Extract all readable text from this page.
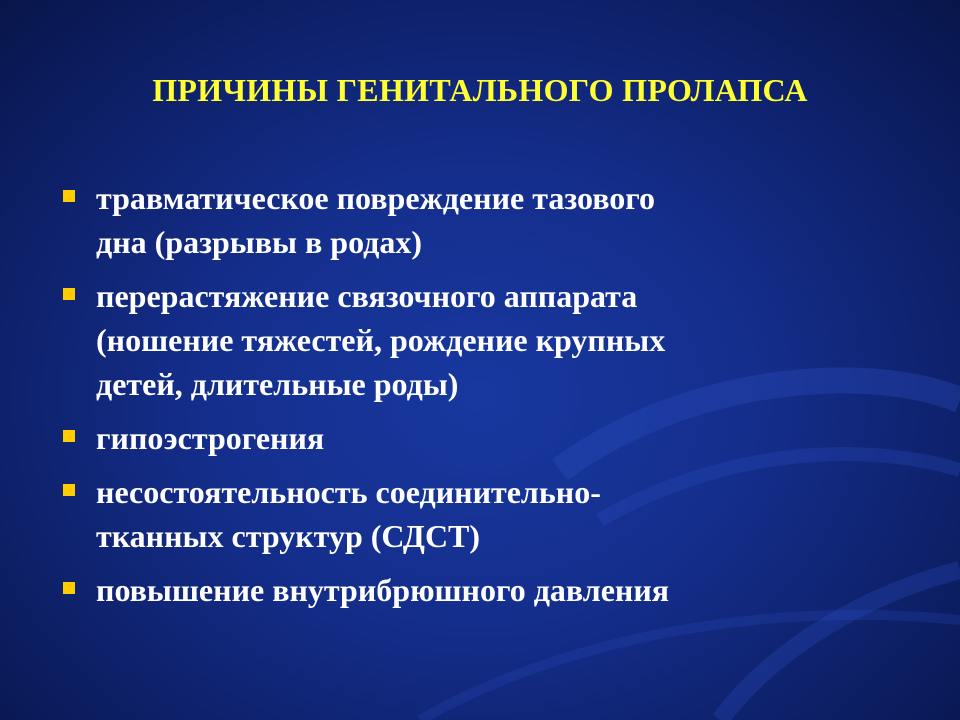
ПРИЧИНЫ ГЕНИТАЛЬНОГО ПРОЛАПСА
травматическое повреждение тазового
дна (разрывы в родах)
перерастяжение связочного аппарата
(ношение тяжестей, рождение крупных
детей, длительные роды)
гипоэстрогения
несостоятельность соединительно-
тканных структур (СДСТ)
повышение внутрибрюшного давления
